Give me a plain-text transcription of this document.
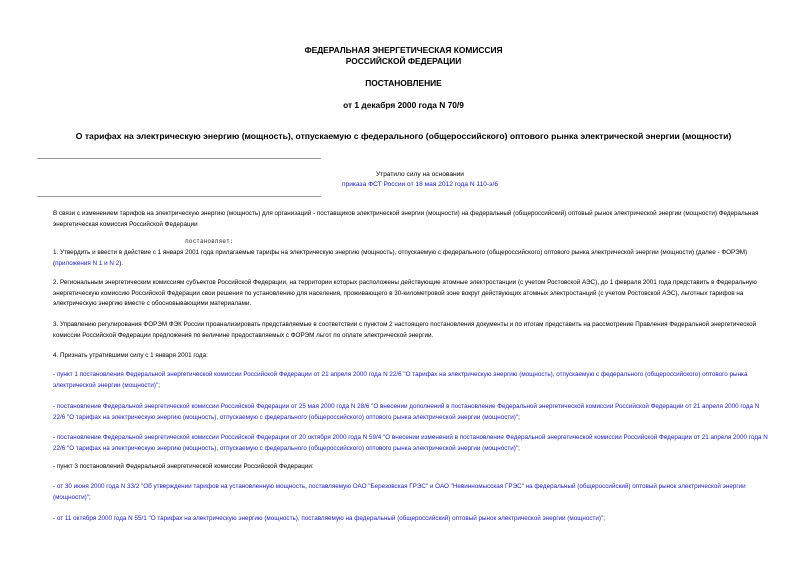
ФЕДЕРАЛЬНАЯ ЭНЕРГЕТИЧЕСКАЯ КОМИССИЯ
РОССИЙСКОЙ ФЕДЕРАЦИИ
ПОСТАНОВЛЕНИЕ
от 1 декабря 2000 года N 70/9
О тарифах на электрическую энергию (мощность), отпускаемую с федерального (общероссийского) оптового рынка электрической энергии (мощности)
Утратило силу на основании
приказа ФСТ России от 18 мая 2012 года N 110-э/6
В связи с изменением тарифов на электрическую энергию (мощность) для организаций - поставщиков электрической энергии (мощности) на федеральный (общероссийский) оптовый рынок электрической энергии (мощности) Федеральная энергетическая комиссия Российской Федерации
постановляет:
1. Утвердить и ввести в действие с 1 января 2001 года прилагаемые тарифы на электрическую энергию (мощность), отпускаемую с федерального (общероссийского) оптового рынка электрической энергии (мощности) (далее - ФОРЭМ) (приложения N 1 и N 2).
2. Региональным энергетическим комиссиям субъектов Российской Федерации, на территории которых расположены действующие атомные электростанции (с учетом Ростовской АЭС), до 1 февраля 2001 года представить в Федеральную энергетическую комиссию Российской Федерации свои решения по установлению для населения, проживающего в 30-километровой зоне вокруг действующих атомных электростанций (с учетом Ростовской АЭС), льготных тарифов на электрическую энергию вместе с обосновывающими материалами.
3. Управлению регулирования ФОРЭМ ФЭК России проанализировать представляемые в соответствии с пунктом 2 настоящего постановления документы и по итогам представить на рассмотрение Правления Федеральной энергетической комиссии Российской Федерации предложения по величине предоставляемых с ФОРЭМ льгот по оплате электрической энергии.
4. Признать утратившими силу с 1 января 2001 года:
- пункт 1 постановления Федеральной энергетической комиссии Российской Федерации от 21 апреля 2000 года N 22/6 "О тарифах на электрическую энергию (мощность), отпускаемую с федерального (общероссийского) оптового рынка электрической энергии (мощности)";
- постановление Федеральной энергетической комиссии Российской Федерации от 25 мая 2000 года N 28/6 "О внесении дополнений в постановление Федеральной энергетической комиссии Российской Федерации от 21 апреля 2000 года N 22/6 "О тарифах на электрическую энергию (мощность), отпускаемую с федерального (общероссийского) оптового рынка электрической энергии (мощности)";
- постановление Федеральной энергетической комиссии Российской Федерации от 20 октября 2000 года N 59/4 "О внесении изменений в постановление Федеральной энергетической комиссии Российской Федерации от 21 апреля 2000 года N 22/6 "О тарифах на электрическую энергию (мощность), отпускаемую с федерального (общероссийского) оптового рынка электрической энергии (мощности)";
- пункт 3 постановлений Федеральной энергетической комиссии Российской Федерации:
- от 30 июня 2000 года N 33/2 "Об утверждении тарифов на установленную мощность, поставляемую ОАО "Березовская ГРЭС" и ОАО "Невинномысская ГРЭС" на федеральный (общероссийский) оптовый рынок электрической энергии (мощности)";
- от 11 октября 2000 года N 55/1 "О тарифах на электрическую энергию (мощность), поставляемую на федеральный (общероссийский) оптовый рынок электрической энергии (мощности)";
